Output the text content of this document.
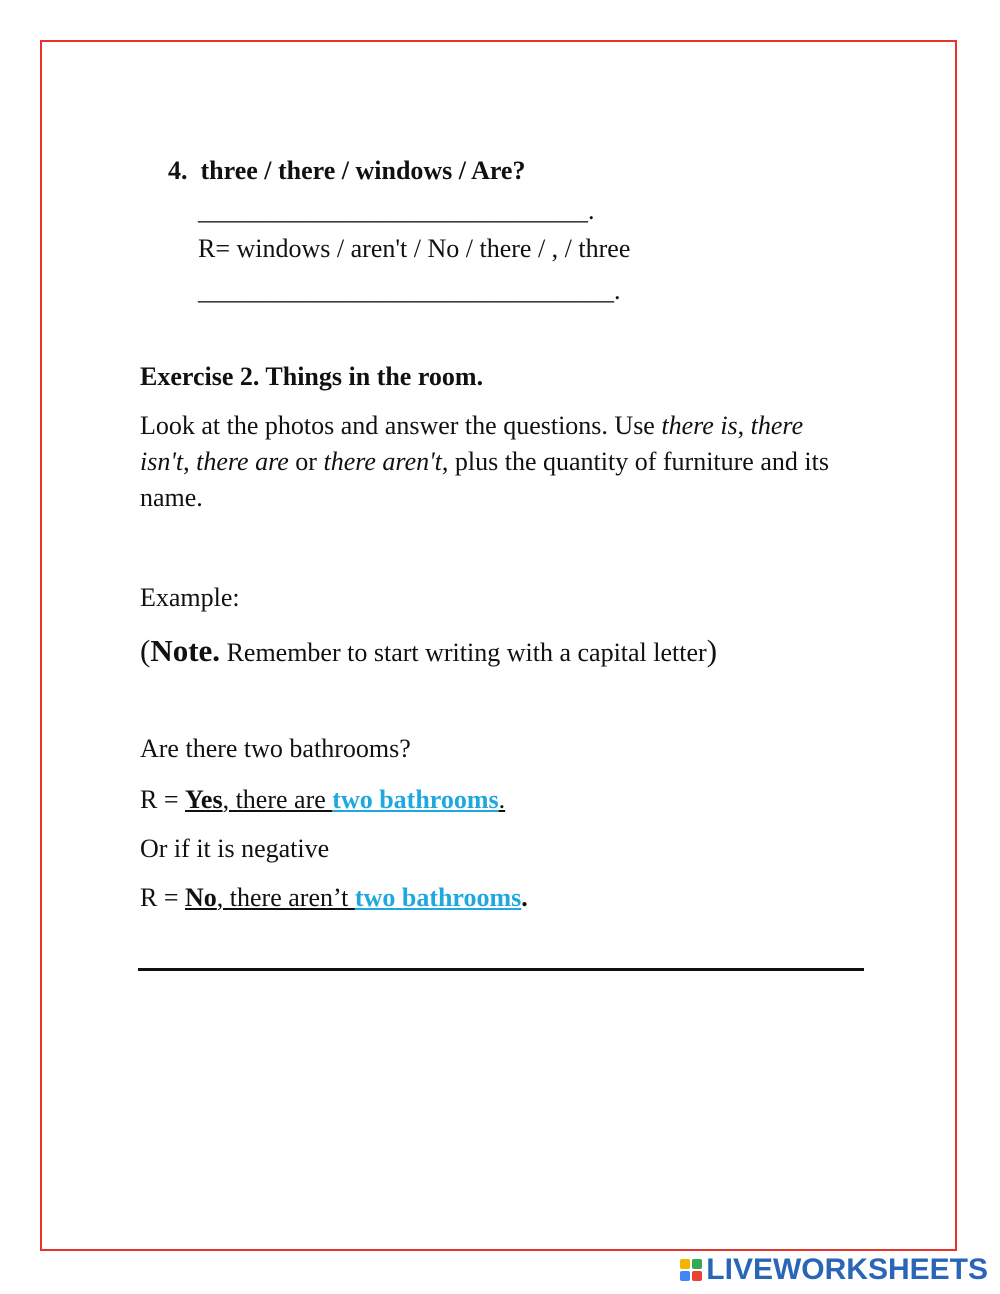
4. three / there / windows / Are?
______________________________.
R= windows / aren't / No / there / , / three
________________________________.
Exercise 2. Things in the room.
Look at the photos and answer the questions. Use there is, there isn't, there are or there aren't, plus the quantity of furniture and its name.
Example:
(Note. Remember to start writing with a capital letter)
Are there two bathrooms?
R = Yes, there are two bathrooms.
Or if it is negative
R = No, there aren’t two bathrooms.
LIVEWORKSHEETS
